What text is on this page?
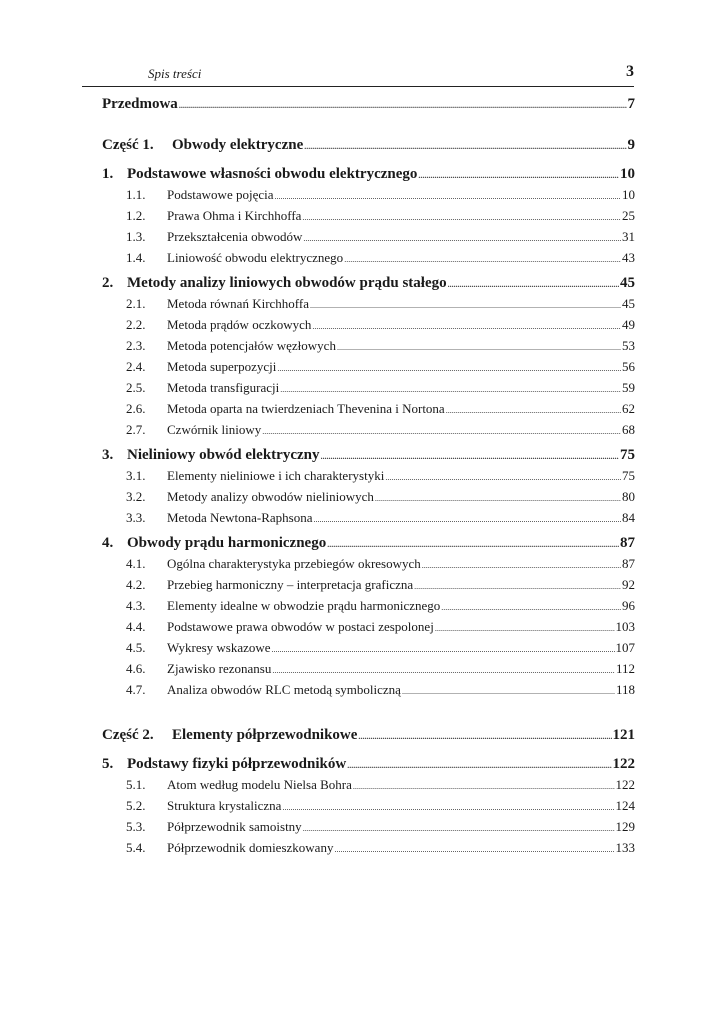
Spis treści	3
Przedmowa .....	7
Część 1.	Obwody elektryczne .....	9
1. Podstawowe własności obwodu elektrycznego .....	10
1.1.	Podstawowe pojęcia .....	10
1.2.	Prawa Ohma i Kirchhoffa .....	25
1.3.	Przekształcenia obwodów .....	31
1.4.	Liniowość obwodu elektrycznego .....	43
2. Metody analizy liniowych obwodów prądu stałego .....	45
2.1.	Metoda równań Kirchhoffa .....	45
2.2.	Metoda prądów oczkowych .....	49
2.3.	Metoda potencjałów węzłowych .....	53
2.4.	Metoda superpozycji .....	56
2.5.	Metoda transfiguracji .....	59
2.6.	Metoda oparta na twierdzeniach Thevenina i Nortona .....	62
2.7.	Czwórnik liniowy .....	68
3. Nieliniowy obwód elektryczny .....	75
3.1.	Elementy nieliniowe i ich charakterystyki .....	75
3.2.	Metody analizy obwodów nieliniowych .....	80
3.3.	Metoda Newtona-Raphsona .....	84
4. Obwody prądu harmonicznego .....	87
4.1.	Ogólna charakterystyka przebiegów okresowych .....	87
4.2.	Przebieg harmoniczny – interpretacja graficzna .....	92
4.3.	Elementy idealne w obwodzie prądu harmonicznego .....	96
4.4.	Podstawowe prawa obwodów w postaci zespolonej .....	103
4.5.	Wykresy wskazowe .....	107
4.6.	Zjawisko rezonansu .....	112
4.7.	Analiza obwodów RLC metodą symboliczną .....	118
Część 2.	Elementy półprzewodnikowe .....	121
5. Podstawy fizyki półprzewodników .....	122
5.1.	Atom według modelu Nielsa Bohra .....	122
5.2.	Struktura krystaliczna .....	124
5.3.	Półprzewodnik samoistny .....	129
5.4.	Półprzewodnik domieszkowany .....	133
